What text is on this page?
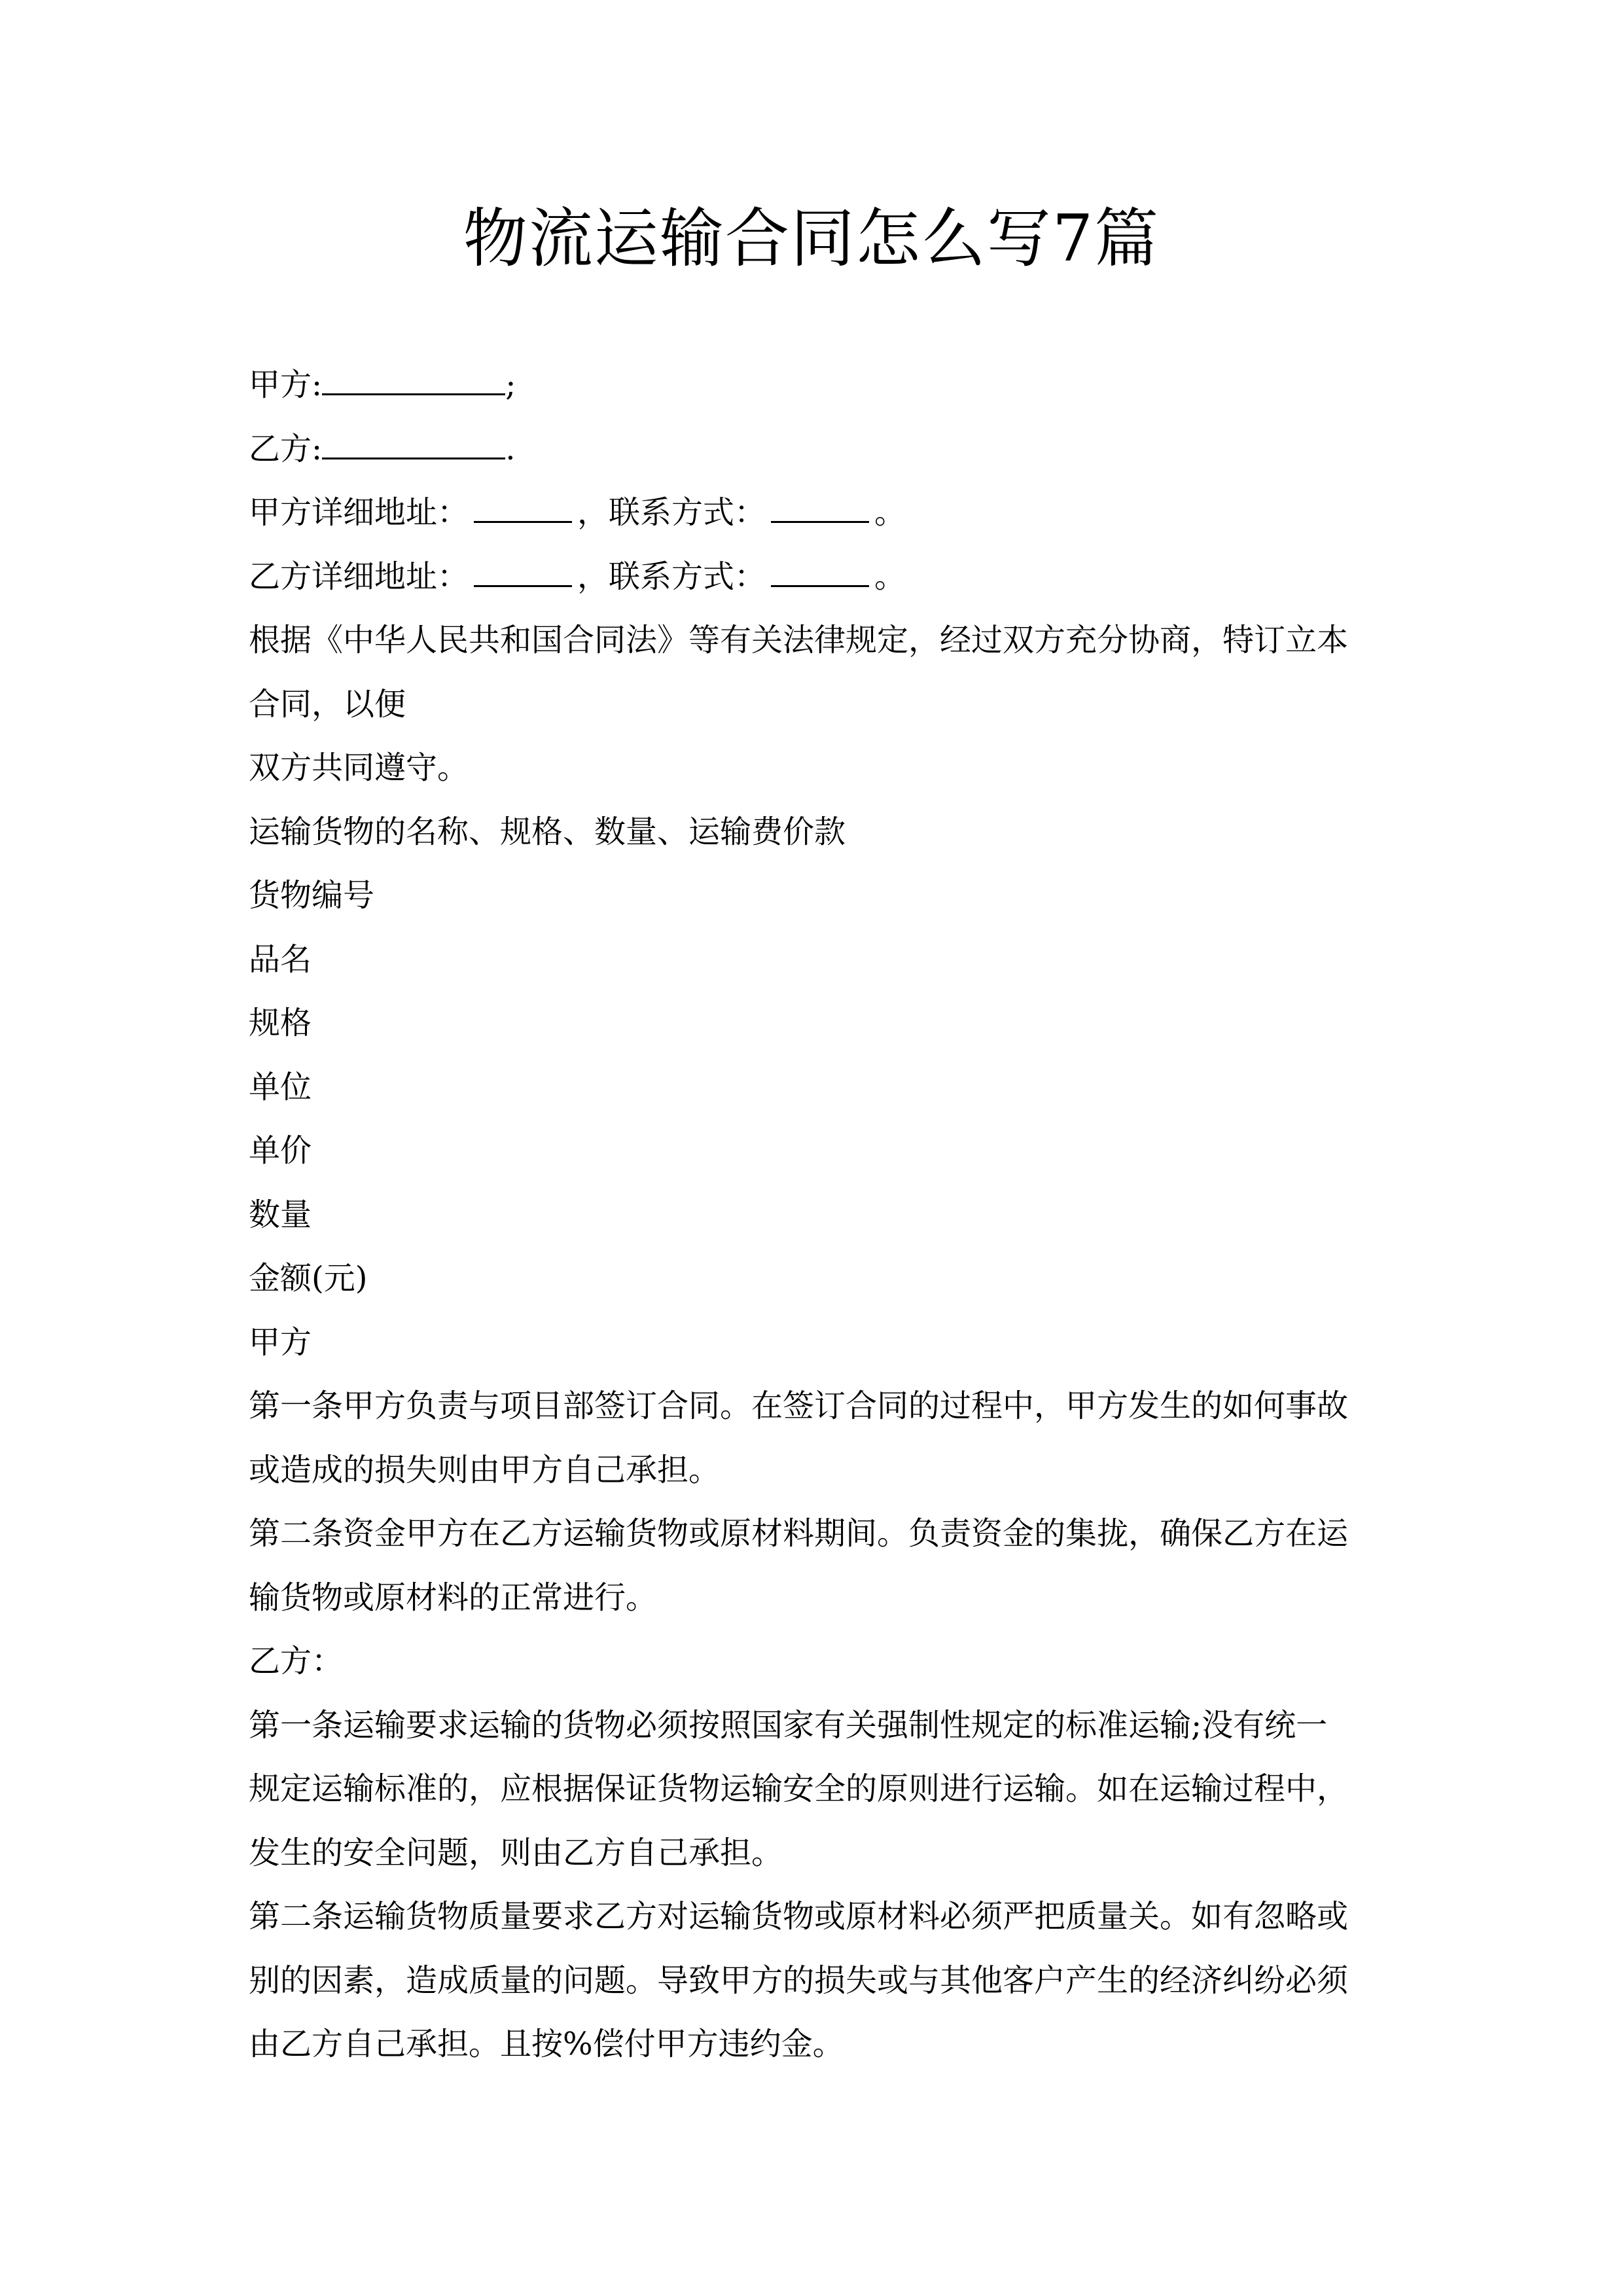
物流运输合同怎么写7篇
甲方:	;
乙方:	.
甲方详细地址：	，联系方式：	。
乙方详细地址：	，联系方式：	。
根据《中华人民共和国合同法》等有关法律规定，经过双方充分协商，特订立本
合同，以便
双方共同遵守。
运输货物的名称、规格、数量、运输费价款
货物编号
品名
规格
单位
单价
数量
金额(元)
甲方
第一条甲方负责与项目部签订合同。在签订合同的过程中，甲方发生的如何事故
或造成的损失则由甲方自己承担。
第二条资金甲方在乙方运输货物或原材料期间。负责资金的集拢，确保乙方在运
输货物或原材料的正常进行。
乙方：
第一条运输要求运输的货物必须按照国家有关强制性规定的标准运输;没有统一
规定运输标准的，应根据保证货物运输安全的原则进行运输。如在运输过程中，
发生的安全问题，则由乙方自己承担。
第二条运输货物质量要求乙方对运输货物或原材料必须严把质量关。如有忽略或
别的因素，造成质量的问题。导致甲方的损失或与其他客户产生的经济纠纷必须
由乙方自己承担。且按%偿付甲方违约金。
